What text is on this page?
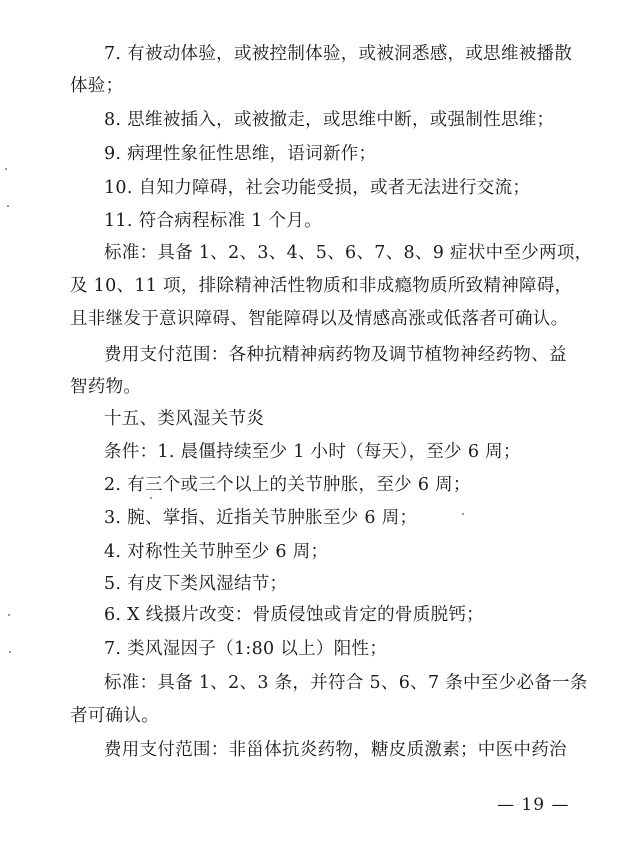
7. 有被动体验，或被控制体验，或被洞悉感，或思维被播散
体验；
8. 思维被插入，或被撤走，或思维中断，或强制性思维；
9. 病理性象征性思维，语词新作；
10. 自知力障碍，社会功能受损，或者无法进行交流；
11. 符合病程标准 1 个月。
标准：具备 1、2、3、4、5、6、7、8、9 症状中至少两项，
及 10、11 项，排除精神活性物质和非成瘾物质所致精神障碍，
且非继发于意识障碍、智能障碍以及情感高涨或低落者可确认。
费用支付范围：各种抗精神病药物及调节植物神经药物、益
智药物。
十五、类风湿关节炎
条件：1. 晨僵持续至少 1 小时（每天），至少 6 周；
2. 有三个或三个以上的关节肿胀，至少 6 周；
3. 腕、掌指、近指关节肿胀至少 6 周；
4. 对称性关节肿至少 6 周；
5. 有皮下类风湿结节；
6. X 线摄片改变：骨质侵蚀或肯定的骨质脱钙；
7. 类风湿因子（1:80 以上）阳性；
标准：具备 1、2、3 条，并符合 5、6、7 条中至少必备一条
者可确认。
费用支付范围：非甾体抗炎药物，糖皮质激素；中医中药治
— 19 —
